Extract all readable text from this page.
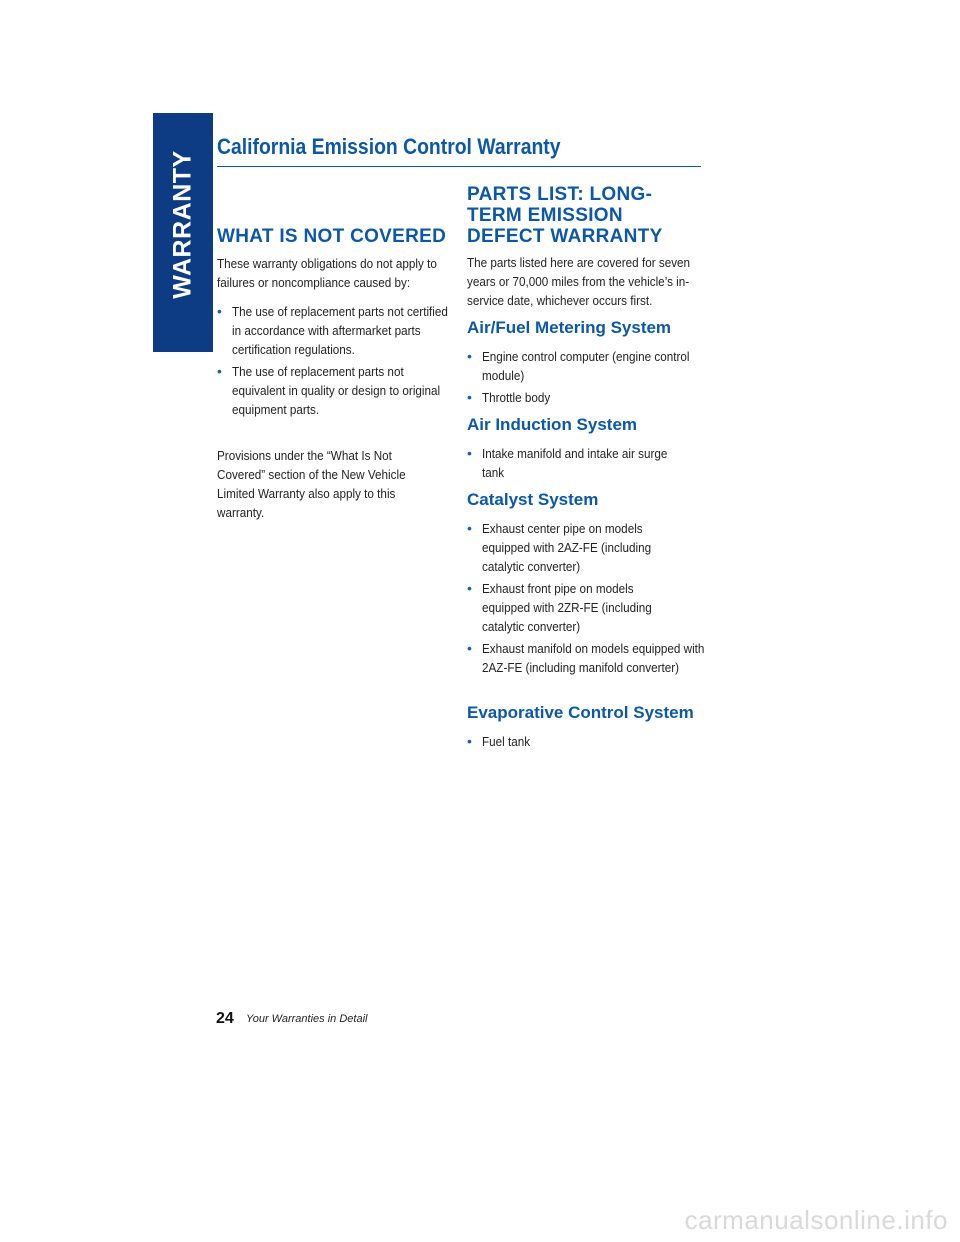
WARRANTY
California Emission Control Warranty
WHAT IS NOT COVERED
These warranty obligations do not apply to failures or noncompliance caused by:
• The use of replacement parts not certified in accordance with aftermarket parts certification regulations.
• The use of replacement parts not equivalent in quality or design to original equipment parts.
Provisions under the “What Is Not Covered” section of the New Vehicle Limited Warranty also apply to this warranty.
PARTS LIST: LONG-TERM EMISSION DEFECT WARRANTY
The parts listed here are covered for seven years or 70,000 miles from the vehicle’s in-service date, whichever occurs first.
Air/Fuel Metering System
• Engine control computer (engine control module)
• Throttle body
Air Induction System
• Intake manifold and intake air surge tank
Catalyst System
• Exhaust center pipe on models equipped with 2AZ-FE (including catalytic converter)
• Exhaust front pipe on models equipped with 2ZR-FE (including catalytic converter)
• Exhaust manifold on models equipped with 2AZ-FE (including manifold converter)
Evaporative Control System
• Fuel tank
24 Your Warranties in Detail
carmanualsonline.info
